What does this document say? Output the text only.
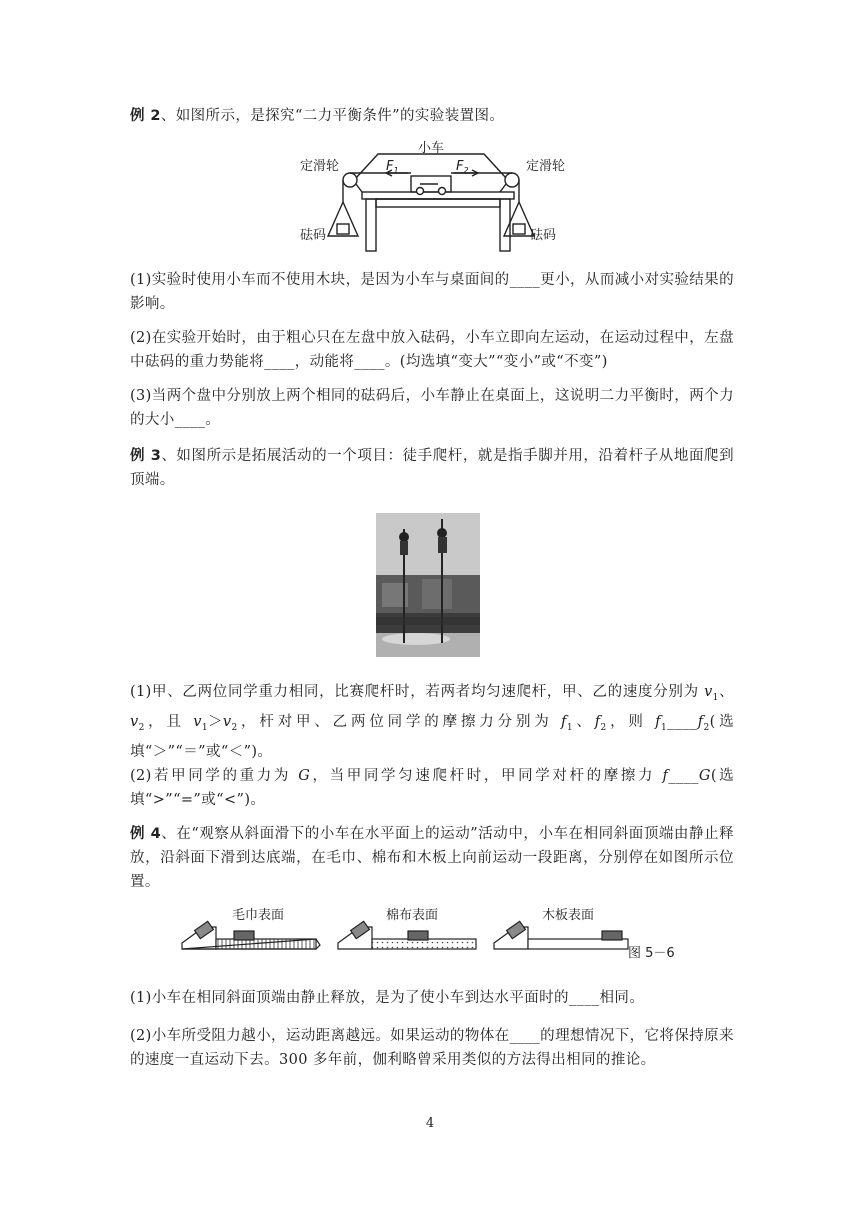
例 2、如图所示，是探究“二力平衡条件”的实验装置图。
小车
定滑轮	定滑轮
$F_1$	$F_2$
砝码	砝码
(1)实验时使用小车而不使用木块，是因为小车与桌面间的____更小，从而减小对实验结果的影响。
(2)在实验开始时，由于粗心只在左盘中放入砝码，小车立即向左运动，在运动过程中，左盘中砝码的重力势能将____，动能将____。(均选填“变大”“变小”或“不变”)
(3)当两个盘中分别放上两个相同的砝码后，小车静止在桌面上，这说明二力平衡时，两个力的大小____。
例 3、如图所示是拓展活动的一个项目：徒手爬杆，就是指手脚并用，沿着杆子从地面爬到顶端。
(1)甲、乙两位同学重力相同，比赛爬杆时，若两者均匀速爬杆，甲、乙的速度分别为 $v_1$、$v_2$，且 $v_1>v_2$，杆对甲、乙两位同学的摩擦力分别为 $f_1$、$f_2$，则 $f_1\_\_\_\_f_2$(选填“＞”“＝”或“＜”)。
(2)若甲同学的重力为 G，当甲同学匀速爬杆时，甲同学对杆的摩擦力 f____G(选填“>”“=”或“<”)。
例 4、在“观察从斜面滑下的小车在水平面上的运动”活动中，小车在相同斜面顶端由静止释放，沿斜面下滑到达底端，在毛巾、棉布和木板上向前运动一段距离，分别停在如图所示位置。
毛巾表面	棉布表面	木板表面
图 5－6
(1)小车在相同斜面顶端由静止释放，是为了使小车到达水平面时的____相同。
(2)小车所受阻力越小，运动距离越远。如果运动的物体在____的理想情况下，它将保持原来的速度一直运动下去。300 多年前，伽利略曾采用类似的方法得出相同的推论。
4
